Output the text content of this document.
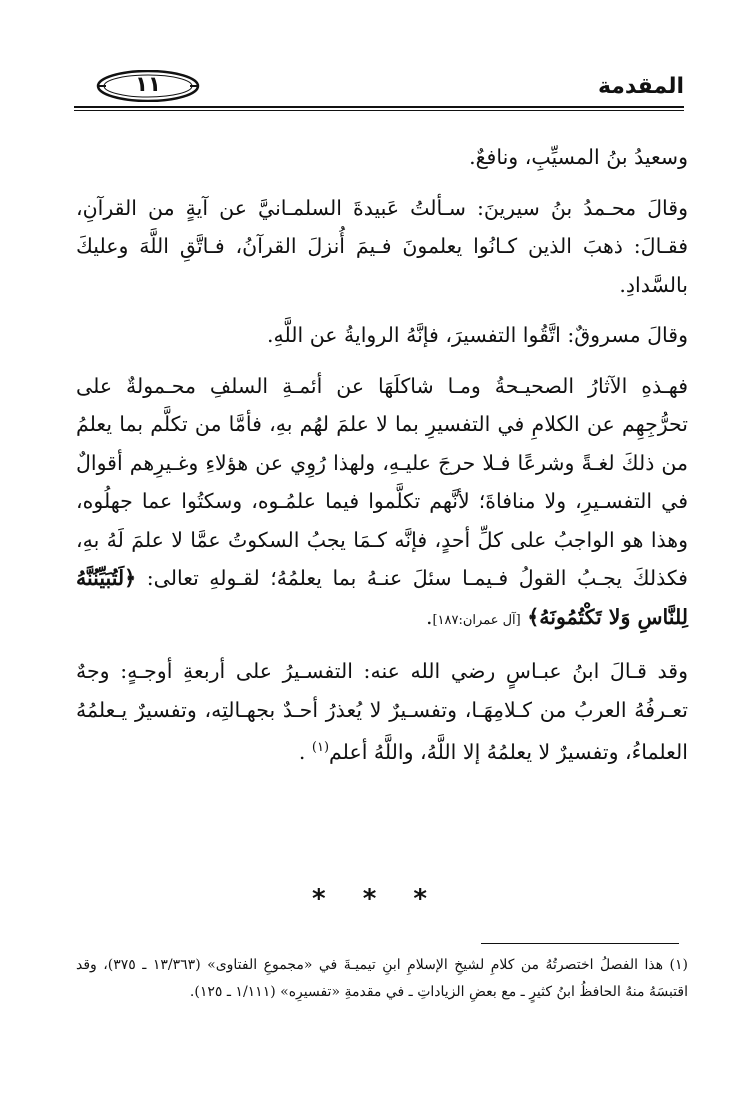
المقدمة
١١

وسعيدُ بنُ المسيِّبِ، ونافعٌ.

وقالَ محـمدُ بنُ سيرينَ: سـألتُ عَبيدةَ السلمـانيَّ عن آيةٍ من القرآنِ، فقـالَ: ذهبَ الذين كـانُوا يعلمونَ فـيمَ أُنزلَ القرآنُ، فـاتَّقِ اللَّهَ وعليكَ بالسَّدادِ.

وقالَ مسروقٌ: اتَّقُوا التفسيرَ، فإنَّهُ الروايةُ عن اللَّهِ.

فهـذهِ الآثارُ الصحيـحةُ ومـا شاكلَهَا عن أئمـةِ السلفِ محـمولةٌ على تحرُّجِهِم عن الكلامِ في التفسيرِ بما لا علمَ لهُم بهِ، فأمَّا من تكلَّم بما يعلمُ من ذلكَ لغـةً وشرعًا فـلا حرجَ عليـهِ، ولهذا رُوِي عن هؤلاءِ وغـيرِهم أقوالٌ في التفسـيرِ، ولا منافاةَ؛ لأنَّهم تكلَّموا فيما علمُـوه، وسكتُوا عما جهلُوه، وهذا هو الواجبُ على كلِّ أحدٍ، فإنَّه كـمَا يجبُ السكوتُ عمَّا لا علمَ لَهُ بهِ، فكذلكَ يجـبُ القولُ فـيمـا سئلَ عنـهُ بما يعلمُهُ؛ لقـولهِ تعالى: ﴿لَتُبَيِّنُنَّهُ لِلنَّاسِ وَلا تَكْتُمُونَهُ﴾ [آل عمران:١٨٧].

وقد قـالَ ابنُ عبـاسٍ رضي الله عنه: التفسـيرُ على أربعةِ أوجـهٍ: وجهٌ تعـرفُهُ العربُ من كـلامِهَـا، وتفسـيرٌ لا يُعذرُ أحـدٌ بجهـالتِه، وتفسيرٌ يـعلمُهُ العلماءُ، وتفسيرٌ لا يعلمُهُ إلا اللَّهُ، واللَّهُ أعلم$^{(١)}$ .

* * *
(١) هذا الفصلُ اختصرتُهُ من كلامِ لشيخِ الإسلامِ ابنِ تيميـةَ في «مجموعِ الفتاوى» (١٣/٣٦٣ ـ ٣٧٥)، وقد اقتبسَهُ منهُ الحافظُ ابنُ كثيرٍ ـ مع بعضِ الزياداتِ ـ في مقدمةِ «تفسيرِه» (١/١١١ ـ ١٢٥).
